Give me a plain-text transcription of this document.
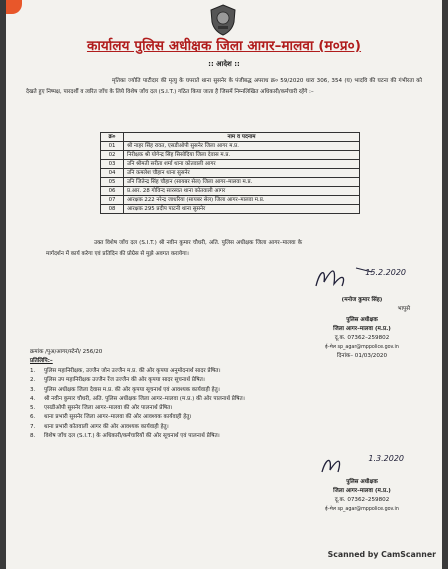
कार्यालय पुलिस अधीक्षक जिला आगर–मालवा (म०प्र०)
:: आदेश ::
मृतिका ज्योति पाटीदार की मृत्यु के घपराते थाना सुसनेर के पंजीबद्ध अपराध क्र० 59/2020 धारा 306, 354 (घ) भादवि की घटना की गंभीरता को देखते हुए निष्पक्ष, पारदर्शी व त्वरित जाँच के लिये विशेष जाँच दल (S.I.T.) गठित किया जाता है जिसमें निम्नलिखित अधिकारी/कर्मचारी रहेंगे :–
क्र०	नाम व पदनाम
01	श्री नाहर सिंह रावत, एसडीओपी सुसनेर जिला आगर म.प्र.
02	निरीक्षक श्री योगेन्द्र सिंह सिसोदिया जिला देवास म.प्र.
03	उनि श्रीमती सरीता शर्मा थाना कोतवाली आगर
04	उनि कमलेश चौहान थाना सुसनेर
05	उनि जितेन्द्र सिंह चौहान (सायबर सेल) जिला आगर–मालवा म.प्र.
06	प्र.आर. 28 गोविन्द सारस्वत थाना कोतवाली आगर
07	आरक्षक 222 नरेन्द्र जाधरिया (सायबर सेल) जिला आगर–मालवा म.प्र.
08	आरक्षक 295 प्रदीप पाटनी थाना सुसनेर
उक्त विशेष जाँच दल (S.I.T.) श्री नवीन कुमार चौधरी, अति. पुलिस अधीक्षक जिला आगर–मालवा के मार्गदर्शन में कार्य करेगा एवं प्रतिदिन की प्रोग्रेस से मुझे अवगत करायेगा।
15.2.2020
(मनोज कुमार सिंह)
भापुसे
पुलिस अधीक्षक
जिला आगर–मालवा (म.प्र.)
दू.क. 07362–259802
ई–मेल sp_agar@mppolice.gov.in
दिनांक– 01/03/2020
क्रमांक /पुअ/आगर/स्टेनो/ 256/20
प्रतिलिपि:–
1.	पुलिस महानिरीक्षक, उज्जैन जोन उज्जैन म.प्र. की ओर कृपया अनुमोदनार्थ सादर प्रेषित।
2.	पुलिस उप महानिरीक्षक उज्जैन रेंज उज्जैन की ओर कृपया सादर सूचनार्थ प्रेषित।
3.	पुलिस अधीक्षक जिला देवास म.प्र. की ओर कृपया सूचनार्थ एवं आवश्यक कार्यवाही हेतु।
4.	श्री नवीन कुमार चौधरी, अति. पुलिस अधीक्षक जिला आगर–मालवा (म.प्र.) की ओर पालनार्थ प्रेषित।
5.	एसडीओपी सुसनेर जिला आगर–मालवा की ओर पालनार्थ प्रेषित।
6.	थाना प्रभारी सुसनेर जिला आगर–मालवा की ओर आवश्यक कार्यवाही हेतु।
7.	थाना प्रभारी कोतवाली आगर की ओर आवश्यक कार्यवाही हेतु।
8.	विशेष जाँच दल (S.I.T.) के अधिकारी/कर्मचारियों की ओर सूचनार्थ एवं पालनार्थ प्रेषित।
1.3.2020
पुलिस अधीक्षक
जिला आगर–मालवा (म.प्र.)
दू.क. 07362–259802
ई–मेल sp_agar@mppolice.gov.in
Scanned by CamScanner
